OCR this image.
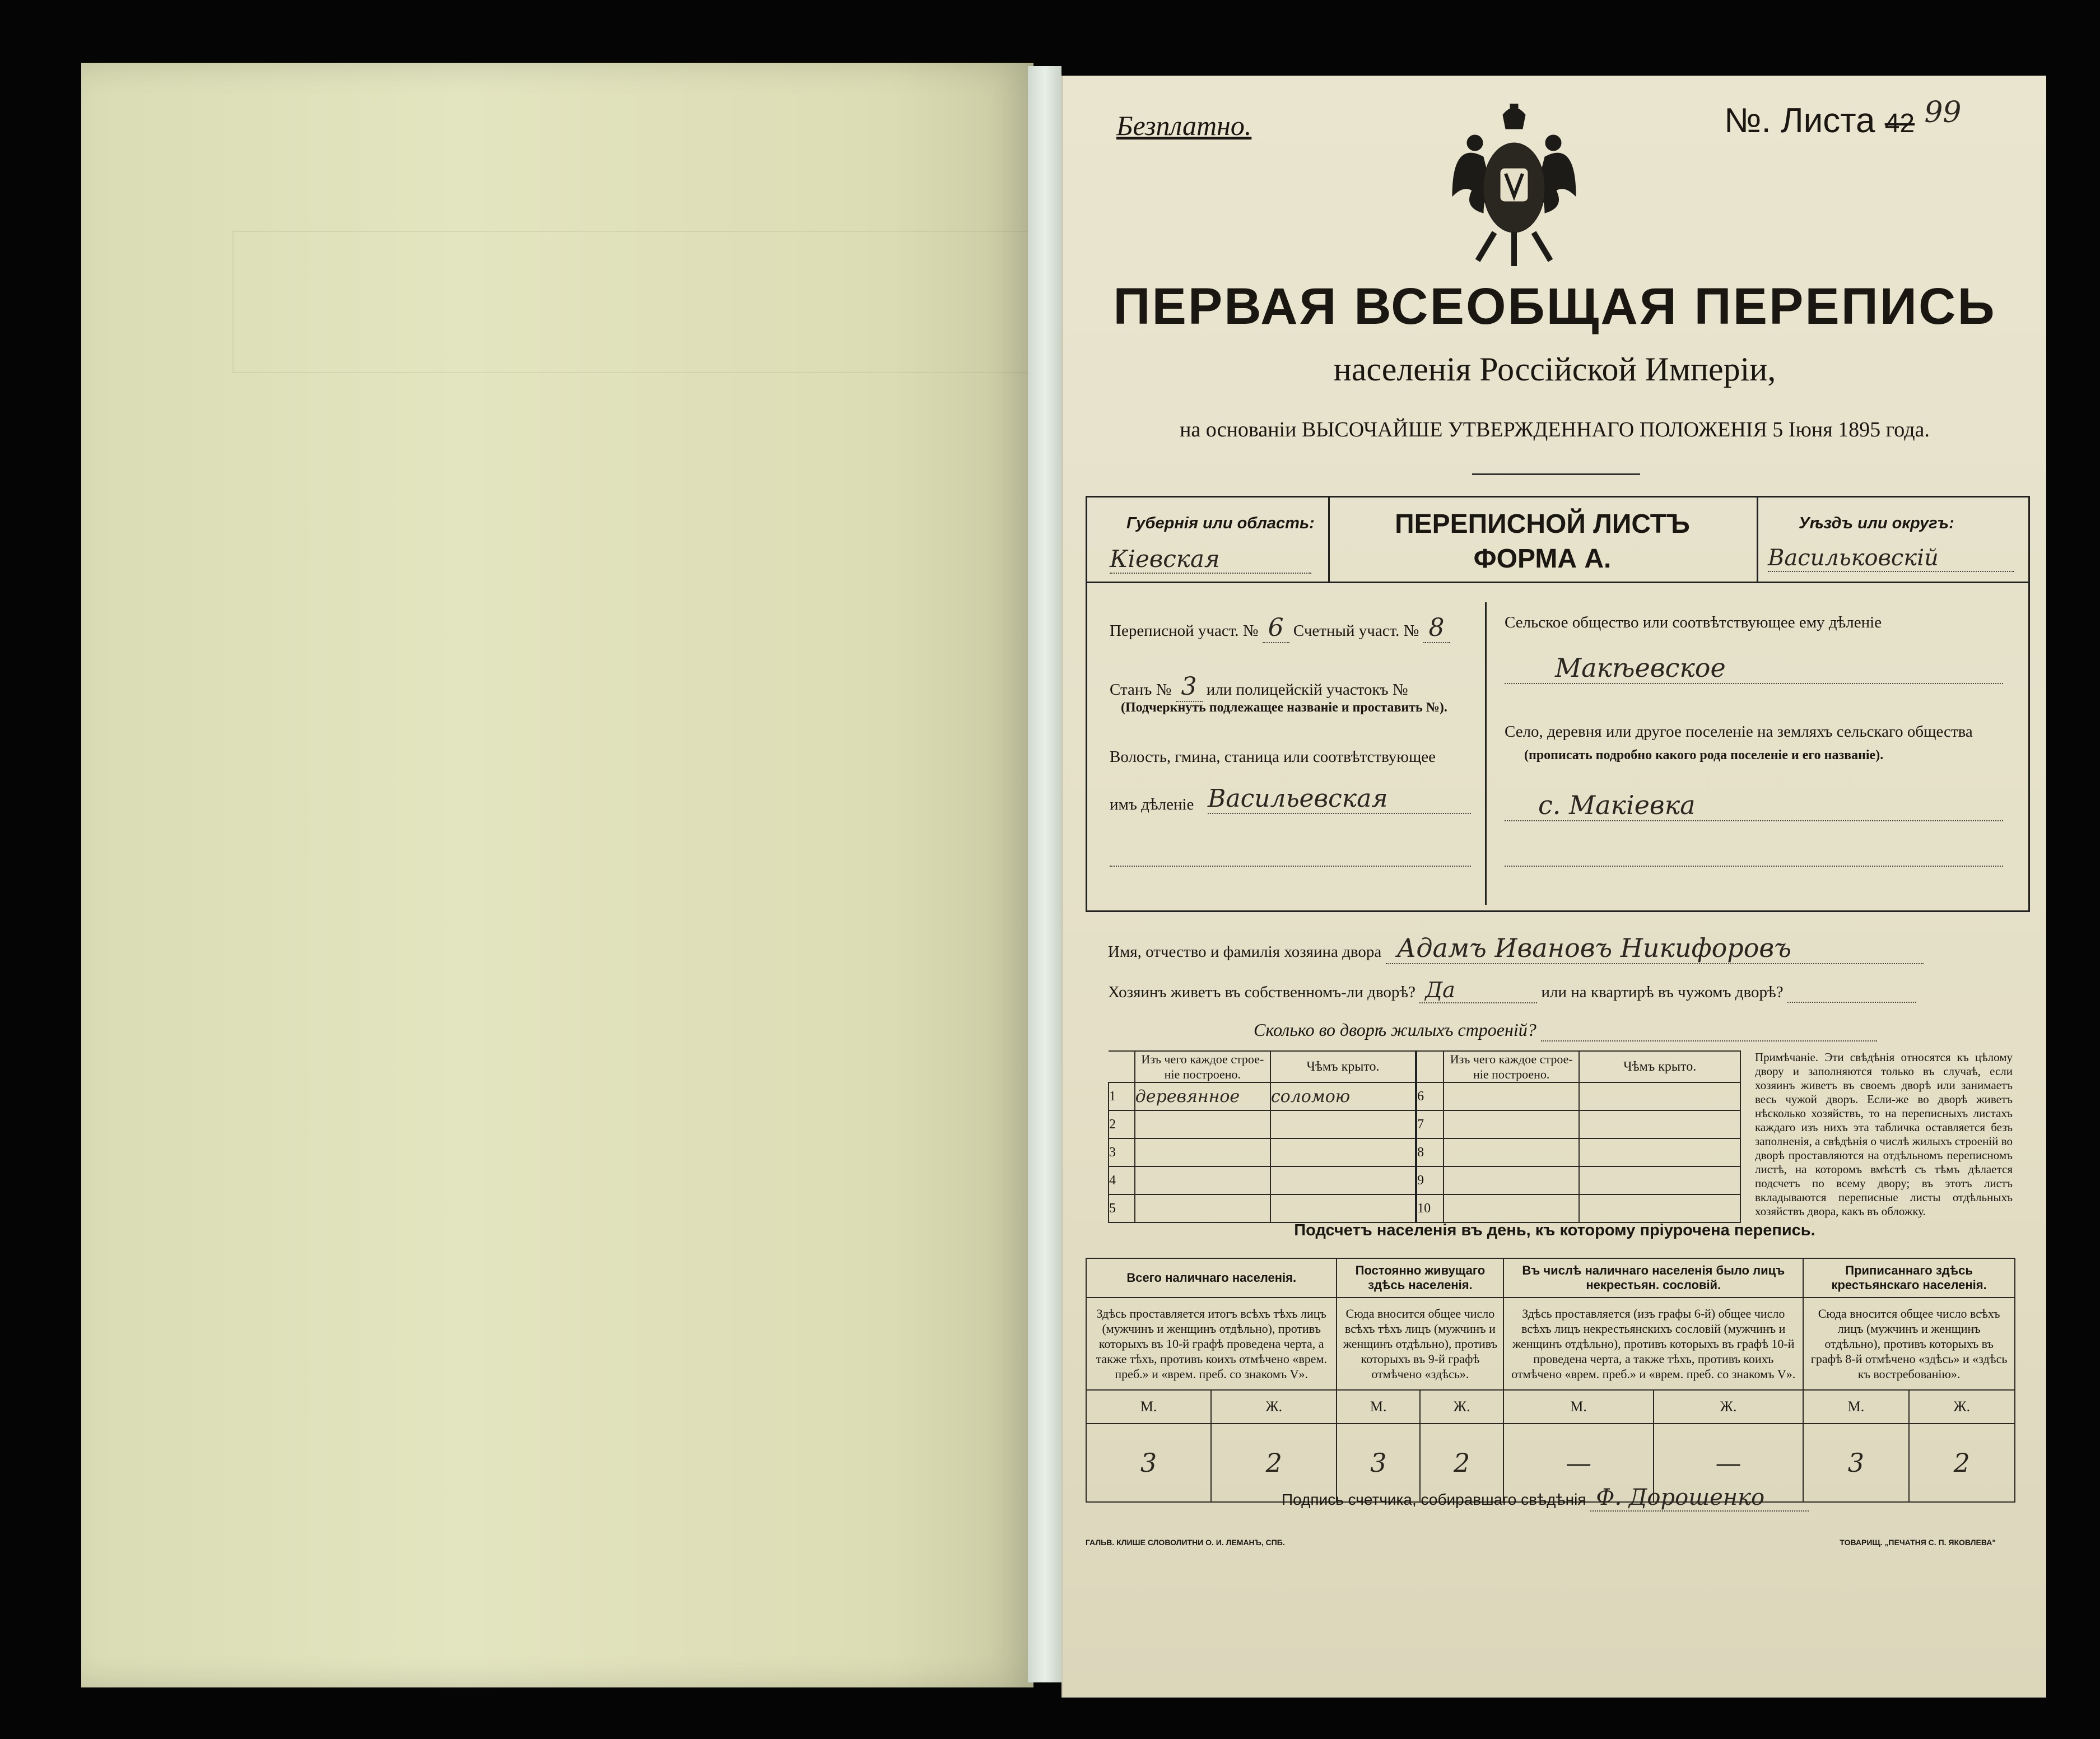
Безплатно.	№. Листа 42 $^{99}$
ПЕРВАЯ ВСЕОБЩАЯ ПЕРЕПИСЬ
населенія Россійской Имперіи,
на основаніи ВЫСОЧАЙШЕ УТВЕРЖДЕННАГО ПОЛОЖЕНІЯ 5 Іюня 1895 года.
Губернія или область:
Кіевская
ПЕРЕПИСНОЙ ЛИСТЪ
ФОРМА А.
Уѣздъ или округъ:
Васильковскій
Переписной участ. № 6 Счетный участ. № 8
Станъ № 3 или полицейскій участокъ №
(Подчеркнуть подлежащее названіе и проставить №).
Волость, гмина, станица или соотвѣтствующее
имъ дѣленіе Васильевская
Сельское общество или соотвѣтствующее ему дѣленіе
Макѣевское
Село, деревня или другое поселеніе на земляхъ сельскаго общества
(прописать подробно какого рода поселеніе и его названіе).
с. Макіевка
Имя, отчество и фамилія хозяина двора Адамъ Ивановъ Никифоровъ
Хозяинъ живетъ въ собственномъ-ли дворѣ? Да	или на квартирѣ въ чужомъ дворѣ?
Сколько во дворѣ жилыхъ строеній?
	Изъ чего каждое строе-ніе построено.	Чѣмъ крыто.		Изъ чего каждое строе-ніе построено.	Чѣмъ крыто.
1	деревянное	соломою	6		
2			7		
3			8		
4			9		
5			10		
Примѣчаніе. Эти свѣдѣнія относятся къ цѣлому двору и заполняются только въ случаѣ, если хозяинъ живетъ въ своемъ дворѣ или занимаетъ весь чужой дворъ. Если-же во дворѣ живетъ нѣсколько хозяйствъ, то на переписныхъ листахъ каждаго изъ нихъ эта табличка оставляется безъ заполненія, а свѣдѣнія о числѣ жилыхъ строеній во дворѣ проставляются на отдѣльномъ переписномъ листѣ, на которомъ вмѣстѣ съ тѣмъ дѣлается подсчетъ по всему двору; въ этотъ листъ вкладываются переписные листы отдѣльныхъ хозяйствъ двора, какъ въ обложку.
Подсчетъ населенія въ день, къ которому пріурочена перепись.
Всего наличнаго населенія.		Постоянно живущаго здѣсь населенія.		Въ числѣ наличнаго населенія было лицъ некрестьян. сословій.		Приписаннаго здѣсь крестьянскаго населенія.	
Здѣсь проставляется итогъ всѣхъ тѣхъ лицъ (мужчинъ и женщинъ отдѣльно), противъ которыхъ въ 10-й графѣ проведена черта, а также тѣхъ, противъ коихъ отмѣчено «врем. преб.» и «врем. преб. со знакомъ V».		Сюда вносится общее число всѣхъ тѣхъ лицъ (мужчинъ и женщинъ отдѣльно), противъ которыхъ въ 9-й графѣ отмѣчено «здѣсь».		Здѣсь проставляется (изъ графы 6-й) общее число всѣхъ лицъ некрестьянскихъ сословій (мужчинъ и женщинъ отдѣльно), противъ которыхъ въ графѣ 10-й проведена черта, а также тѣхъ, противъ коихъ отмѣчено «врем. преб.» и «врем. преб. со знакомъ V».		Сюда вносится общее число всѣхъ лицъ (мужчинъ и женщинъ отдѣльно), противъ которыхъ въ графѣ 8-й отмѣчено «здѣсь» и «здѣсь къ востребованію».	
М.	Ж.	М.	Ж.	М.	Ж.	М.	Ж.
3	2	3	2	—	—	3	2
Подпись счетчика, собиравшаго свѣдѣнія Ф. Дорошенко
ГАЛЬВ. КЛИШЕ СЛОВОЛИТНИ О. И. ЛЕМАНЪ, СПБ.	ТОВАРИЩ. „ПЕЧАТНЯ С. П. ЯКОВЛЕВА"
